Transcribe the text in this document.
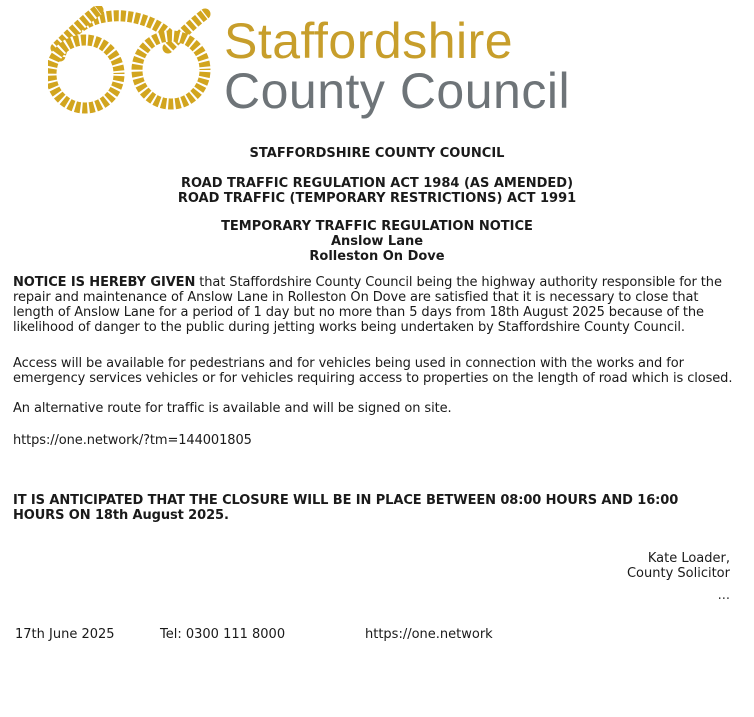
Staffordshire
County Council
STAFFORDSHIRE COUNTY COUNCIL
ROAD TRAFFIC REGULATION ACT 1984 (AS AMENDED)
ROAD TRAFFIC (TEMPORARY RESTRICTIONS) ACT 1991
TEMPORARY TRAFFIC REGULATION NOTICE
Anslow Lane
Rolleston On Dove
NOTICE IS HEREBY GIVEN that Staffordshire County Council being the highway authority responsible for the repair and maintenance of Anslow Lane in Rolleston On Dove are satisfied that it is necessary to close that length of Anslow Lane for a period of 1 day but no more than 5 days from 18th August 2025 because of the likelihood of danger to the public during jetting works being undertaken by Staffordshire County Council.
Access will be available for pedestrians and for vehicles being used in connection with the works and for emergency services vehicles or for vehicles requiring access to properties on the length of road which is closed.
An alternative route for traffic is available and will be signed on site.
https://one.network/?tm=144001805
IT IS ANTICIPATED THAT THE CLOSURE WILL BE IN PLACE BETWEEN 08:00 HOURS AND 16:00 HOURS ON 18th August 2025.
Kate Loader,
County Solicitor
...
17th June 2025	Tel: 0300 111 8000	https://one.network
